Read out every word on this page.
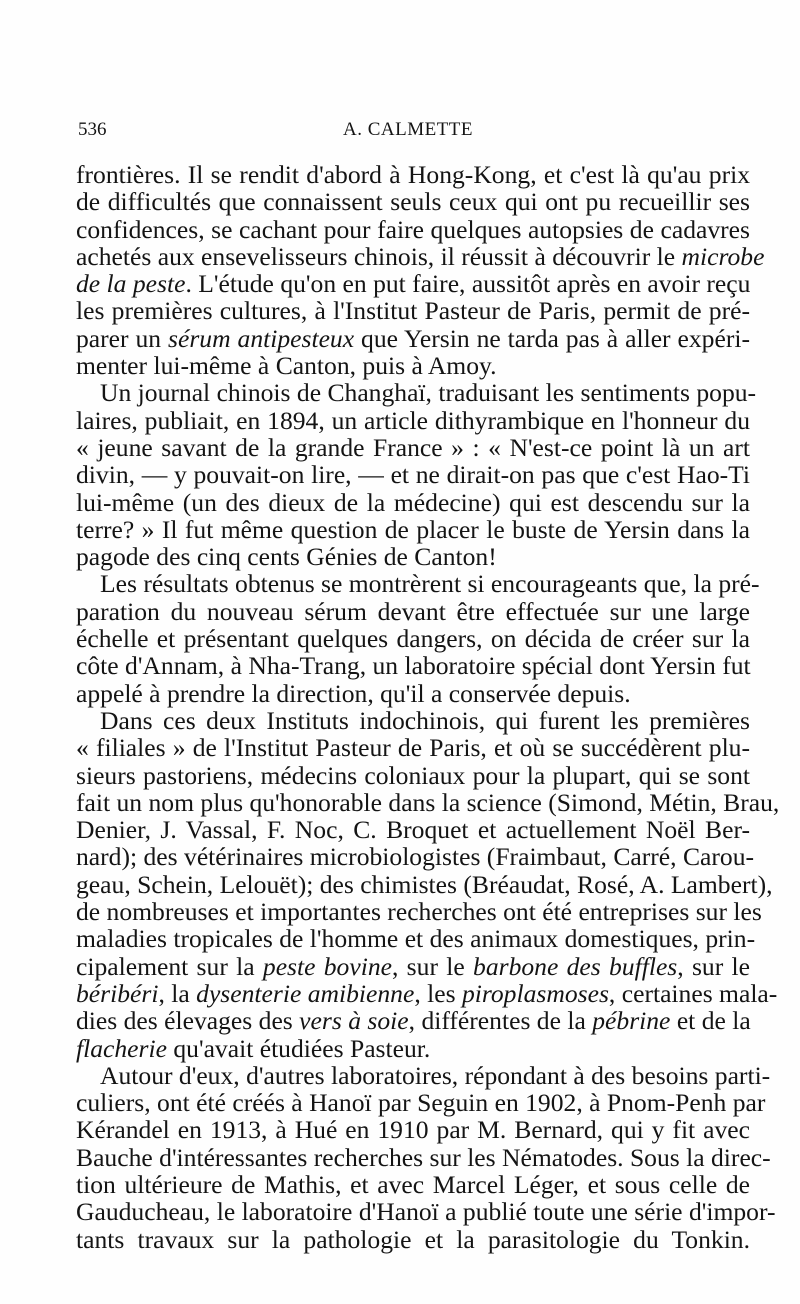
536	A. CALMETTE
frontières. Il se rendit d'abord à Hong-Kong, et c'est là qu'au prix
de difficultés que connaissent seuls ceux qui ont pu recueillir ses
confidences, se cachant pour faire quelques autopsies de cadavres
achetés aux ensevelisseurs chinois, il réussit à découvrir le microbe
de la peste. L'étude qu'on en put faire, aussitôt après en avoir reçu
les premières cultures, à l'Institut Pasteur de Paris, permit de pré-
parer un sérum antipesteux que Yersin ne tarda pas à aller expéri-
menter lui-même à Canton, puis à Amoy.
Un journal chinois de Changhaï, traduisant les sentiments popu-
laires, publiait, en 1894, un article dithyrambique en l'honneur du
« jeune savant de la grande France » : « N'est-ce point là un art
divin, — y pouvait-on lire, — et ne dirait-on pas que c'est Hao-Ti
lui-même (un des dieux de la médecine) qui est descendu sur la
terre? » Il fut même question de placer le buste de Yersin dans la
pagode des cinq cents Génies de Canton!
Les résultats obtenus se montrèrent si encourageants que, la pré-
paration du nouveau sérum devant être effectuée sur une large
échelle et présentant quelques dangers, on décida de créer sur la
côte d'Annam, à Nha-Trang, un laboratoire spécial dont Yersin fut
appelé à prendre la direction, qu'il a conservée depuis.
Dans ces deux Instituts indochinois, qui furent les premières
« filiales » de l'Institut Pasteur de Paris, et où se succédèrent plu-
sieurs pastoriens, médecins coloniaux pour la plupart, qui se sont
fait un nom plus qu'honorable dans la science (Simond, Métin, Brau,
Denier, J. Vassal, F. Noc, C. Broquet et actuellement Noël Ber-
nard); des vétérinaires microbiologistes (Fraimbaut, Carré, Carou-
geau, Schein, Lelouët); des chimistes (Bréaudat, Rosé, A. Lambert),
de nombreuses et importantes recherches ont été entreprises sur les
maladies tropicales de l'homme et des animaux domestiques, prin-
cipalement sur la peste bovine, sur le barbone des buffles, sur le
béribéri, la dysenterie amibienne, les piroplasmoses, certaines mala-
dies des élevages des vers à soie, différentes de la pébrine et de la
flacherie qu'avait étudiées Pasteur.
Autour d'eux, d'autres laboratoires, répondant à des besoins parti-
culiers, ont été créés à Hanoï par Seguin en 1902, à Pnom-Penh par
Kérandel en 1913, à Hué en 1910 par M. Bernard, qui y fit avec
Bauche d'intéressantes recherches sur les Nématodes. Sous la direc-
tion ultérieure de Mathis, et avec Marcel Léger, et sous celle de
Gauducheau, le laboratoire d'Hanoï a publié toute une série d'impor-
tants travaux sur la pathologie et la parasitologie du Tonkin.
